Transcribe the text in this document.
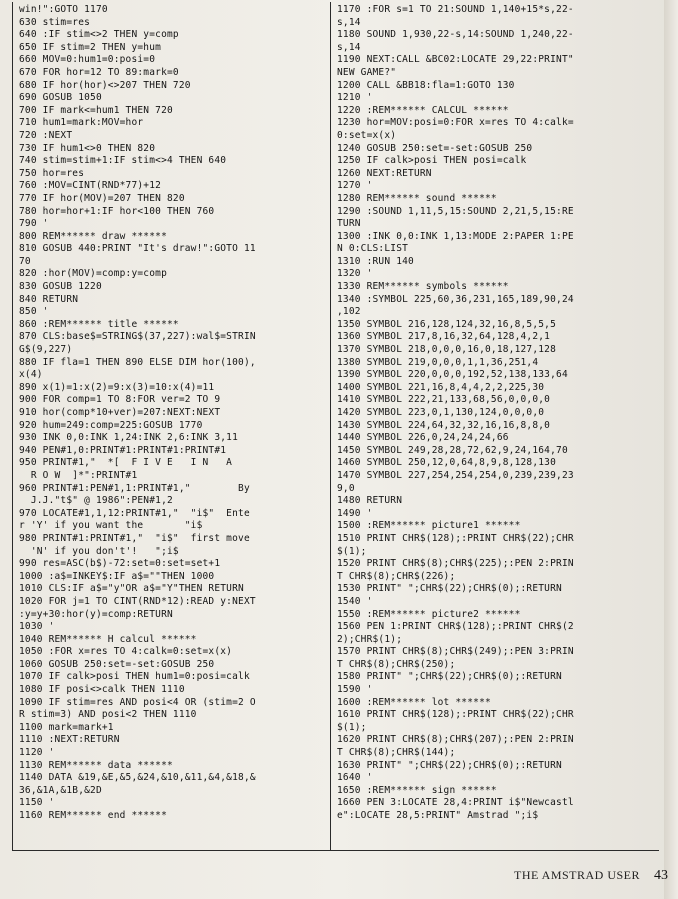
win!":GOTO 1170
630 stim=res
640 :IF stim<>2 THEN y=comp
650 IF stim=2 THEN y=hum
660 MOV=0:hum1=0:posi=0
670 FOR hor=12 TO 89:mark=0
680 IF hor(hor)<>207 THEN 720
690 GOSUB 1050
700 IF mark<=hum1 THEN 720
710 hum1=mark:MOV=hor
720 :NEXT
730 IF hum1<>0 THEN 820
740 stim=stim+1:IF stim<>4 THEN 640
750 hor=res
760 :MOV=CINT(RND*77)+12
770 IF hor(MOV)=207 THEN 820
780 hor=hor+1:IF hor<100 THEN 760
790 '
800 REM****** draw ******
810 GOSUB 440:PRINT "It's draw!":GOTO 11
70
820 :hor(MOV)=comp:y=comp
830 GOSUB 1220
840 RETURN
850 '
860 :REM****** title ******
870 CLS:base$=STRING$(37,227):wal$=STRIN
G$(9,227)
880 IF fla=1 THEN 890 ELSE DIM hor(100),
x(4)
890 x(1)=1:x(2)=9:x(3)=10:x(4)=11
900 FOR comp=1 TO 8:FOR ver=2 TO 9
910 hor(comp*10+ver)=207:NEXT:NEXT
920 hum=249:comp=225:GOSUB 1770
930 INK 0,0:INK 1,24:INK 2,6:INK 3,11
940 PEN#1,0:PRINT#1:PRINT#1:PRINT#1
950 PRINT#1,"  *[  F I V E   I N   A
R O W  ]*":PRINT#1
960 PRINT#1:PEN#1,1:PRINT#1,"        By
J.J."t$" @ 1986":PEN#1,2
970 LOCATE#1,1,12:PRINT#1,"  "i$"  Ente
r 'Y' if you want the       "i$
980 PRINT#1:PRINT#1,"  "i$"  first move
'N' if you don't'!   ";i$
990 res=ASC(b$)-72:set=0:set=set+1
1000 :a$=INKEY$:IF a$=""THEN 1000
1010 CLS:IF a$="y"OR a$="Y"THEN RETURN
1020 FOR j=1 TO CINT(RND*12):READ y:NEXT
:y=y+30:hor(y)=comp:RETURN
1030 '
1040 REM****** H calcul ******
1050 :FOR x=res TO 4:calk=0:set=x(x)
1060 GOSUB 250:set=-set:GOSUB 250
1070 IF calk>posi THEN hum1=0:posi=calk
1080 IF posi<>calk THEN 1110
1090 IF stim=res AND posi<4 OR (stim=2 O
R stim=3) AND posi<2 THEN 1110
1100 mark=mark+1
1110 :NEXT:RETURN
1120 '
1130 REM****** data ******
1140 DATA &19,&E,&5,&24,&10,&11,&4,&18,&
36,&1A,&1B,&2D
1150 '
1160 REM****** end ******
1170 :FOR s=1 TO 21:SOUND 1,140+15*s,22-
s,14
1180 SOUND 1,930,22-s,14:SOUND 1,240,22-
s,14
1190 NEXT:CALL &BC02:LOCATE 29,22:PRINT"
NEW GAME?"
1200 CALL &BB18:fla=1:GOTO 130
1210 '
1220 :REM****** CALCUL ******
1230 hor=MOV:posi=0:FOR x=res TO 4:calk=
0:set=x(x)
1240 GOSUB 250:set=-set:GOSUB 250
1250 IF calk>posi THEN posi=calk
1260 NEXT:RETURN
1270 '
1280 REM****** sound ******
1290 :SOUND 1,11,5,15:SOUND 2,21,5,15:RE
TURN
1300 :INK 0,0:INK 1,13:MODE 2:PAPER 1:PE
N 0:CLS:LIST
1310 :RUN 140
1320 '
1330 REM****** symbols ******
1340 :SYMBOL 225,60,36,231,165,189,90,24
,102
1350 SYMBOL 216,128,124,32,16,8,5,5,5
1360 SYMBOL 217,8,16,32,64,128,4,2,1
1370 SYMBOL 218,0,0,0,16,0,18,127,128
1380 SYMBOL 219,0,0,0,1,1,36,251,4
1390 SYMBOL 220,0,0,0,192,52,138,133,64
1400 SYMBOL 221,16,8,4,4,2,2,225,30
1410 SYMBOL 222,21,133,68,56,0,0,0,0
1420 SYMBOL 223,0,1,130,124,0,0,0,0
1430 SYMBOL 224,64,32,32,16,16,8,8,0
1440 SYMBOL 226,0,24,24,24,66
1450 SYMBOL 249,28,28,72,62,9,24,164,70
1460 SYMBOL 250,12,0,64,8,9,8,128,130
1470 SYMBOL 227,254,254,254,0,239,239,23
9,0
1480 RETURN
1490 '
1500 :REM****** picture1 ******
1510 PRINT CHR$(128);:PRINT CHR$(22);CHR
$(1);
1520 PRINT CHR$(8);CHR$(225);:PEN 2:PRIN
T CHR$(8);CHR$(226);
1530 PRINT" ";CHR$(22);CHR$(0);:RETURN
1540 '
1550 :REM****** picture2 ******
1560 PEN 1:PRINT CHR$(128);:PRINT CHR$(2
2);CHR$(1);
1570 PRINT CHR$(8);CHR$(249);:PEN 3:PRIN
T CHR$(8);CHR$(250);
1580 PRINT" ";CHR$(22);CHR$(0);:RETURN
1590 '
1600 :REM****** lot ******
1610 PRINT CHR$(128);:PRINT CHR$(22);CHR
$(1);
1620 PRINT CHR$(8);CHR$(207);:PEN 2:PRIN
T CHR$(8);CHR$(144);
1630 PRINT" ";CHR$(22);CHR$(0);:RETURN
1640 '
1650 :REM****** sign ******
1660 PEN 3:LOCATE 28,4:PRINT i$"Newcastl
e":LOCATE 28,5:PRINT" Amstrad ";i$
THE AMSTRAD USER 43
